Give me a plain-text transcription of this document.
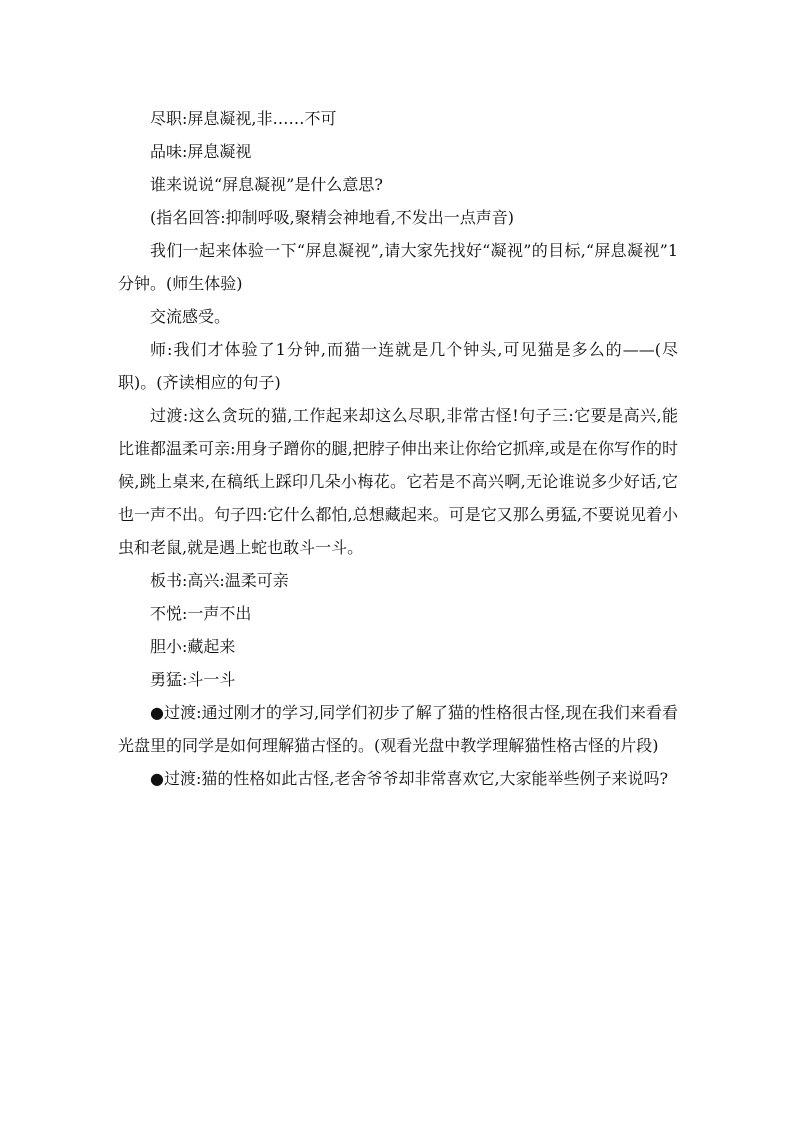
尽职:屏息凝视,非……不可

品味:屏息凝视

谁来说说“屏息凝视”是什么意思?

(指名回答:抑制呼吸,聚精会神地看,不发出一点声音)

我们一起来体验一下“屏息凝视”,请大家先找好“凝视”的目标,“屏息凝视”1分钟。(师生体验)

交流感受。

师:我们才体验了1分钟,而猫一连就是几个钟头,可见猫是多么的——(尽职)。(齐读相应的句子)

过渡:这么贪玩的猫,工作起来却这么尽职,非常古怪!句子三:它要是高兴,能比谁都温柔可亲:用身子蹭你的腿,把脖子伸出来让你给它抓痒,或是在你写作的时候,跳上桌来,在稿纸上踩印几朵小梅花。它若是不高兴啊,无论谁说多少好话,它也一声不出。句子四:它什么都怕,总想藏起来。可是它又那么勇猛,不要说见着小虫和老鼠,就是遇上蛇也敢斗一斗。

板书:高兴:温柔可亲

不悦:一声不出

胆小:藏起来

勇猛:斗一斗

●过渡:通过刚才的学习,同学们初步了解了猫的性格很古怪,现在我们来看看光盘里的同学是如何理解猫古怪的。(观看光盘中教学理解猫性格古怪的片段)

●过渡:猫的性格如此古怪,老舍爷爷却非常喜欢它,大家能举些例子来说吗?
